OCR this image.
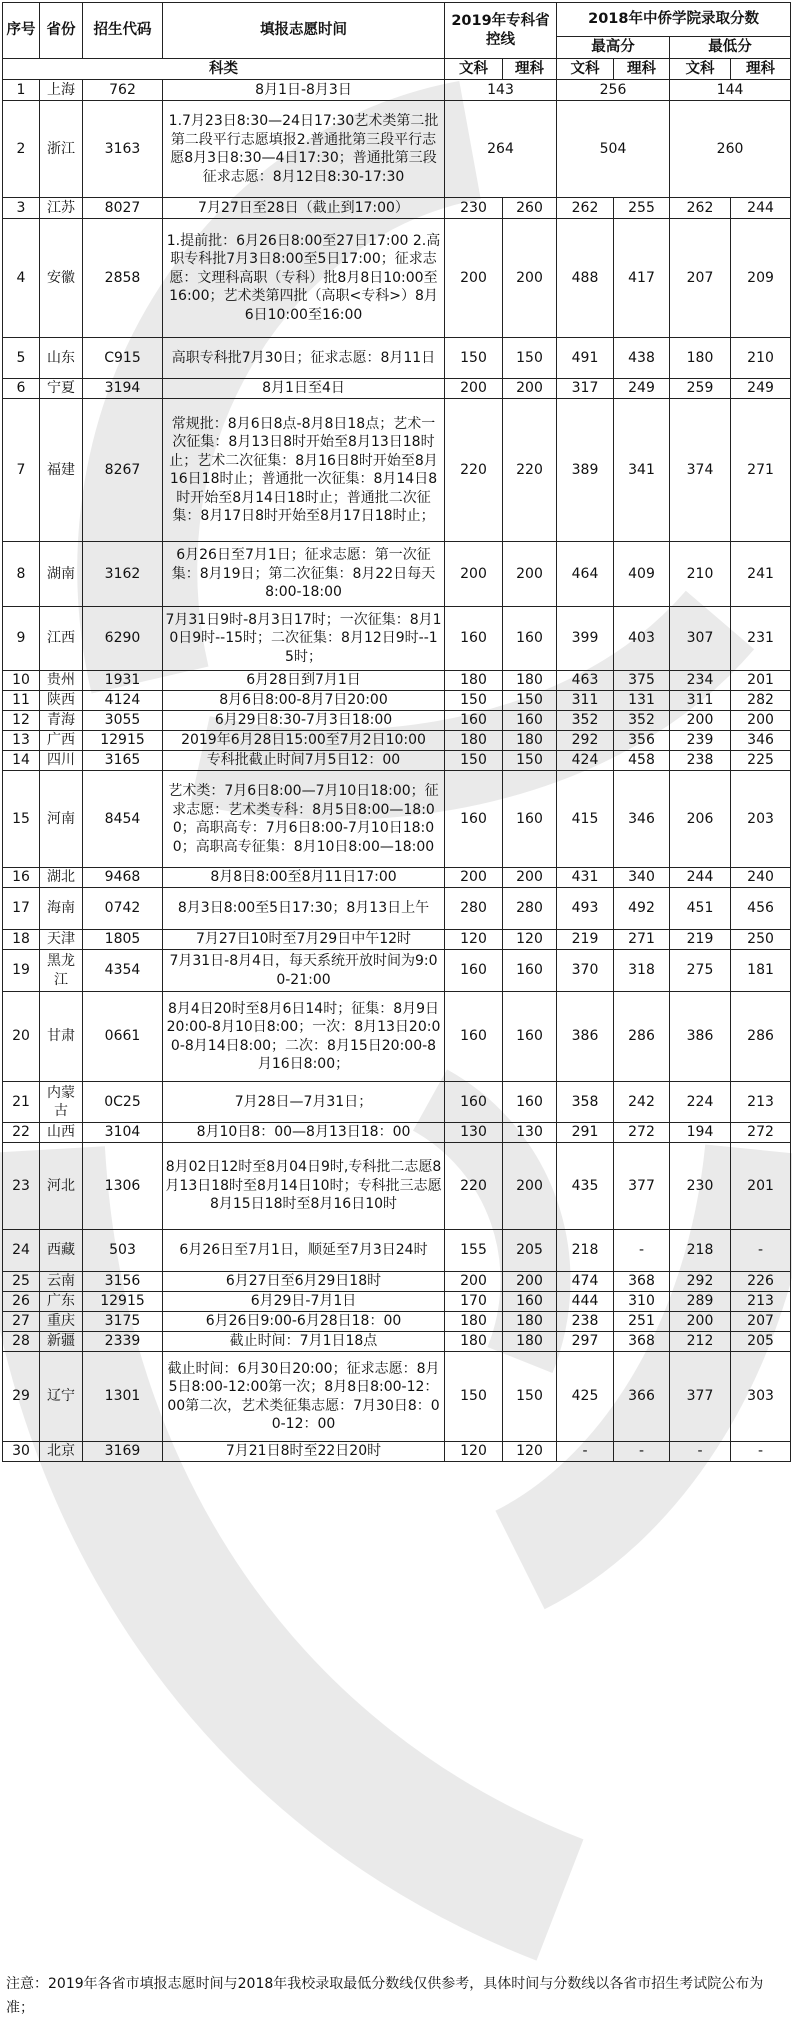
序号	省份	招生代码	填报志愿时间	2019年专科省控线		2018年中侨学院录取分数			
						最高分		最低分	
科类				文科	理科	文科	理科	文科	理科
1	上海	762	8月1日-8月3日	143		256		144	
2	浙江	3163	1.7月23日8:30—24日17:30艺术类第二批第二段平行志愿填报2.普通批第三段平行志愿8月3日8:30—4日17:30；普通批第三段征求志愿：8月12日8:30-17:30	264		504		260	
3	江苏	8027	7月27日至28日（截止到17:00）	230	260	262	255	262	244
4	安徽	2858	1.提前批：6月26日8:00至27日17:00 2.高职专科批7月3日8:00至5日17:00；征求志愿：文理科高职（专科）批8月8日10:00至16:00；艺术类第四批（高职<专科>）8月6日10:00至16:00	200	200	488	417	207	209
5	山东	C915	高职专科批7月30日；征求志愿：8月11日	150	150	491	438	180	210
6	宁夏	3194	8月1日至4日	200	200	317	249	259	249
7	福建	8267	常规批：8月6日8点-8月8日18点；艺术一次征集：8月13日8时开始至8月13日18时止；艺术二次征集：8月16日8时开始至8月16日18时止；普通批一次征集：8月14日8时开始至8月14日18时止；普通批二次征集：8月17日8时开始至8月17日18时止；	220	220	389	341	374	271
8	湖南	3162	6月26日至7月1日；征求志愿：第一次征集：8月19日；第二次征集：8月22日每天8:00-18:00	200	200	464	409	210	241
9	江西	6290	7月31日9时-8月3日17时；一次征集：8月10日9时--15时；二次征集：8月12日9时--15时；	160	160	399	403	307	231
10	贵州	1931	6月28日到7月1日	180	180	463	375	234	201
11	陕西	4124	8月6日8:00-8月7日20:00	150	150	311	131	311	282
12	青海	3055	6月29日8:30-7月3日18:00	160	160	352	352	200	200
13	广西	12915	2019年6月28日15:00至7月2日10:00	180	180	292	356	239	346
14	四川	3165	专科批截止时间7月5日12：00	150	150	424	458	238	225
15	河南	8454	艺术类：7月6日8:00—7月10日18:00；征求志愿：艺术类专科：8月5日8:00—18:00；高职高专：7月6日8:00-7月10日18:00；高职高专征集：8月10日8:00—18:00	160	160	415	346	206	203
16	湖北	9468	8月8日8:00至8月11日17:00	200	200	431	340	244	240
17	海南	0742	8月3日8:00至5日17:30；8月13日上午	280	280	493	492	451	456
18	天津	1805	7月27日10时至7月29日中午12时	120	120	219	271	219	250
19	黑龙江	4354	7月31日-8月4日，每天系统开放时间为9:00-21:00	160	160	370	318	275	181
20	甘肃	0661	8月4日20时至8月6日14时；征集：8月9日20:00-8月10日8:00；一次：8月13日20:00-8月14日8:00；二次：8月15日20:00-8月16日8:00；	160	160	386	286	386	286
21	内蒙古	0C25	7月28日—7月31日；	160	160	358	242	224	213
22	山西	3104	8月10日8：00—8月13日18：00	130	130	291	272	194	272
23	河北	1306	8月02日12时至8月04日9时,专科批二志愿8月13日18时至8月14日10时；专科批三志愿8月15日18时至8月16日10时	220	200	435	377	230	201
24	西藏	503	6月26日至7月1日，顺延至7月3日24时	155	205	218	-	218	-
25	云南	3156	6月27日至6月29日18时	200	200	474	368	292	226
26	广东	12915	6月29日-7月1日	170	160	444	310	289	213
27	重庆	3175	6月26日9:00-6月28日18：00	180	180	238	251	200	207
28	新疆	2339	截止时间：7月1日18点	180	180	297	368	212	205
29	辽宁	1301	截止时间：6月30日20:00；征求志愿：8月5日8:00-12:00第一次；8月8日8:00-12：00第二次，艺术类征集志愿：7月30日8：00-12：00	150	150	425	366	377	303
30	北京	3169	7月21日8时至22日20时	120	120	-	-	-	-
注意：2019年各省市填报志愿时间与2018年我校录取最低分数线仅供参考，具体时间与分数线以各省市招生考试院公布为准；
